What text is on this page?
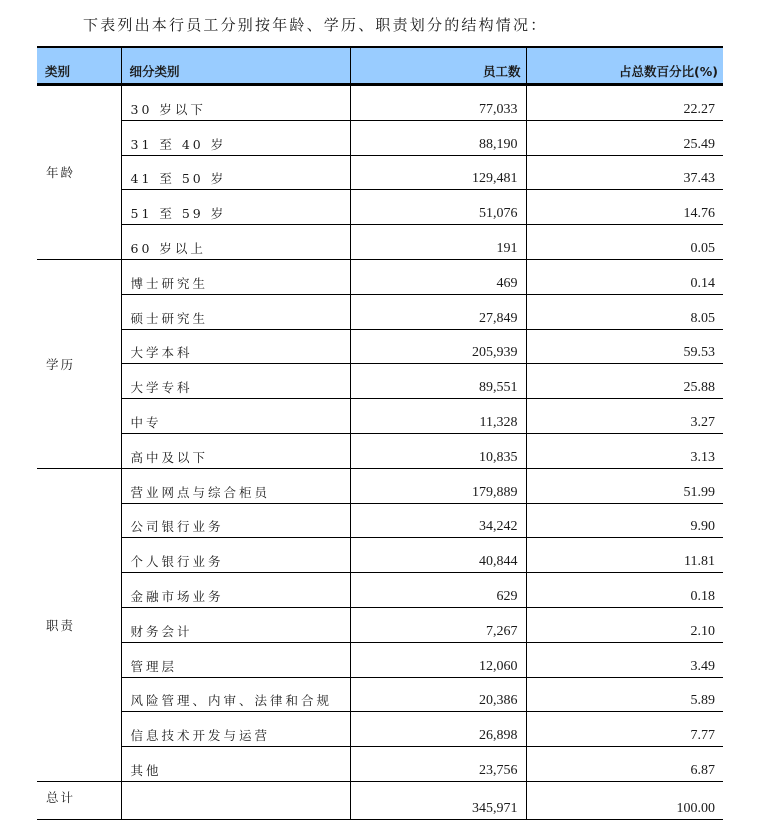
下表列出本行员工分别按年龄、学历、职责划分的结构情况：
类别	细分类别	员工数	占总数百分比(%)
年龄	30 岁以下	77,033	22.27
	31 至 40 岁	88,190	25.49
	41 至 50 岁	129,481	37.43
	51 至 59 岁	51,076	14.76
	60 岁以上	191	0.05
学历	博士研究生	469	0.14
	硕士研究生	27,849	8.05
	大学本科	205,939	59.53
	大学专科	89,551	25.88
	中专	11,328	3.27
	高中及以下	10,835	3.13
职责	营业网点与综合柜员	179,889	51.99
	公司银行业务	34,242	9.90
	个人银行业务	40,844	11.81
	金融市场业务	629	0.18
	财务会计	7,267	2.10
	管理层	12,060	3.49
	风险管理、内审、法律和合规	20,386	5.89
	信息技术开发与运营	26,898	7.77
	其他	23,756	6.87
总计		345,971	100.00
